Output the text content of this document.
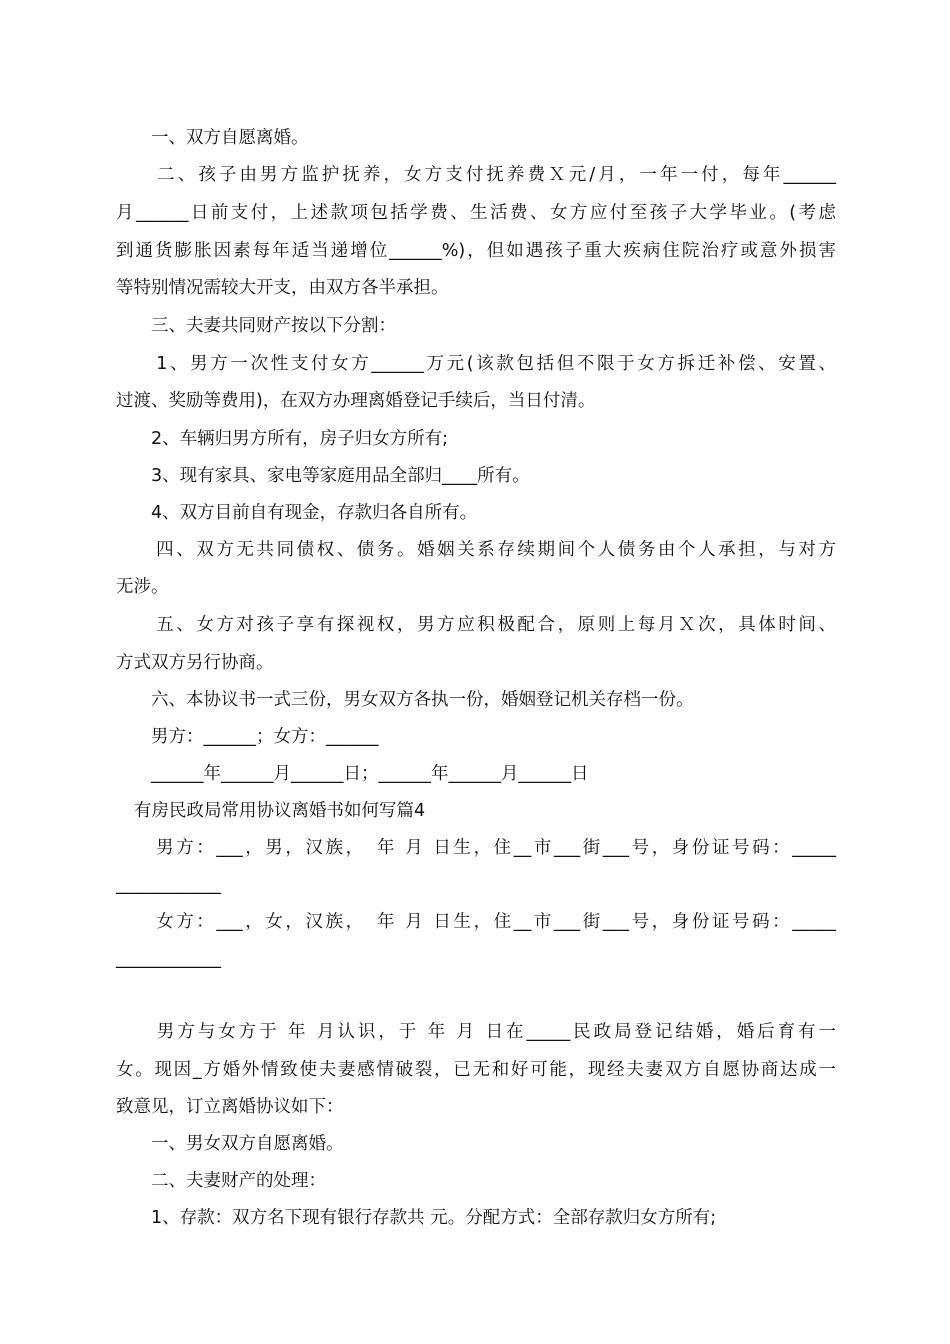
　　一、双方自愿离婚。

　　二、孩子由男方监护抚养，女方支付抚养费Ｘ元/月，一年一付，每年______

月______日前支付，上述款项包括学费、生活费、女方应付至孩子大学毕业。(考虑

到通货膨胀因素每年适当递增位______%)，但如遇孩子重大疾病住院治疗或意外损害

等特别情况需较大开支，由双方各半承担。

　　三、夫妻共同财产按以下分割：

　　1、男方一次性支付女方______万元(该款包括但不限于女方拆迁补偿、安置、

过渡、奖励等费用)，在双方办理离婚登记手续后，当日付清。

　　2、车辆归男方所有，房子归女方所有;

　　3、现有家具、家电等家庭用品全部归____所有。

　　4、双方目前自有现金，存款归各自所有。

　　四、双方无共同债权、债务。婚姻关系存续期间个人债务由个人承担，与对方

无涉。

　　五、女方对孩子享有探视权，男方应积极配合，原则上每月Ｘ次，具体时间、

方式双方另行协商。

　　六、本协议书一式三份，男女双方各执一份，婚姻登记机关存档一份。

　　男方：______；女方：______

　　______年______月______日；______年______月______日

有房民政局常用协议离婚书如何写篇4

　　男方：___，男，汉族，　年 月 日生，住__市___街___号，身份证号码：_____

____________

　　女方：___，女，汉族，　年 月 日生，住__市___街___号，身份证号码：_____

____________

　　男方与女方于 年 月认识，于 年 月 日在_____民政局登记结婚，婚后育有一

女。现因_方婚外情致使夫妻感情破裂，已无和好可能，现经夫妻双方自愿协商达成一

致意见，订立离婚协议如下：

　　一、男女双方自愿离婚。

　　二、夫妻财产的处理：

　　1、存款：双方名下现有银行存款共 元。分配方式：全部存款归女方所有;
